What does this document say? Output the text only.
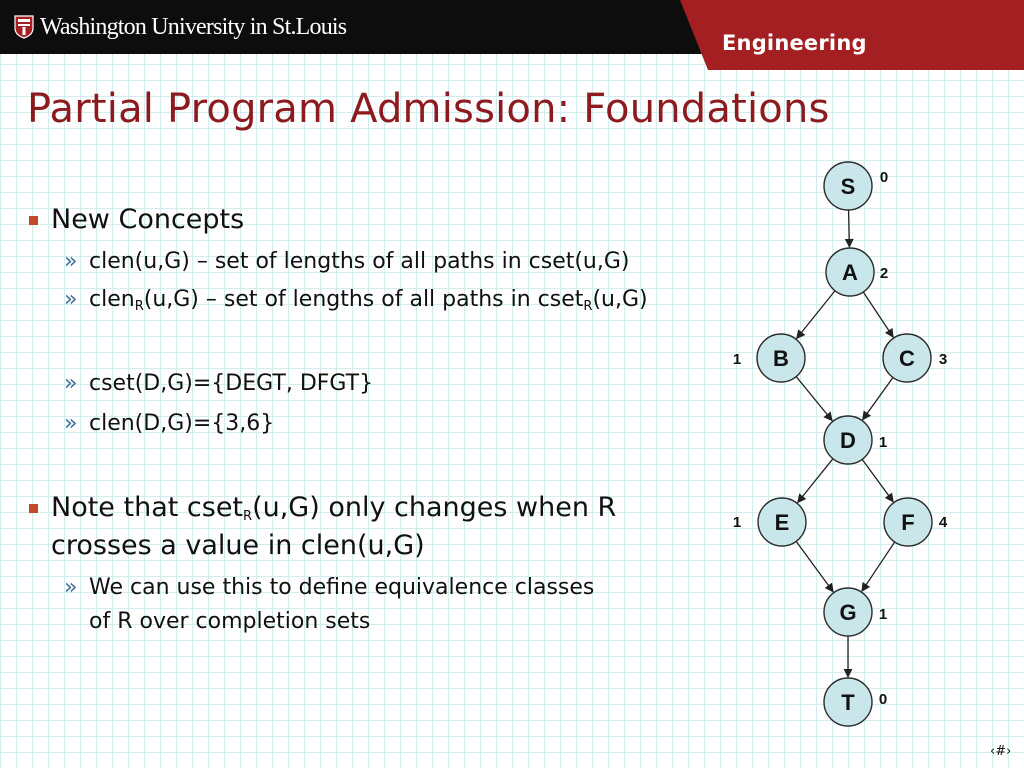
Washington University in St.Louis
Engineering
Partial Program Admission: Foundations
New Concepts
» clen(u,G) – set of lengths of all paths in cset(u,G)
» clen$_R$(u,G) – set of lengths of all paths in cset$_R$(u,G)
» cset(D,G)={DEGT, DFGT}
» clen(D,G)={3,6}
Note that cset$_R$(u,G) only changes when R
crosses a value in clen(u,G)
» We can use this to define equivalence classes
of R over completion sets
S 0
A 2
B
1	C 3
D 1
E
1	F 4
G 1
T 0
‹#›
